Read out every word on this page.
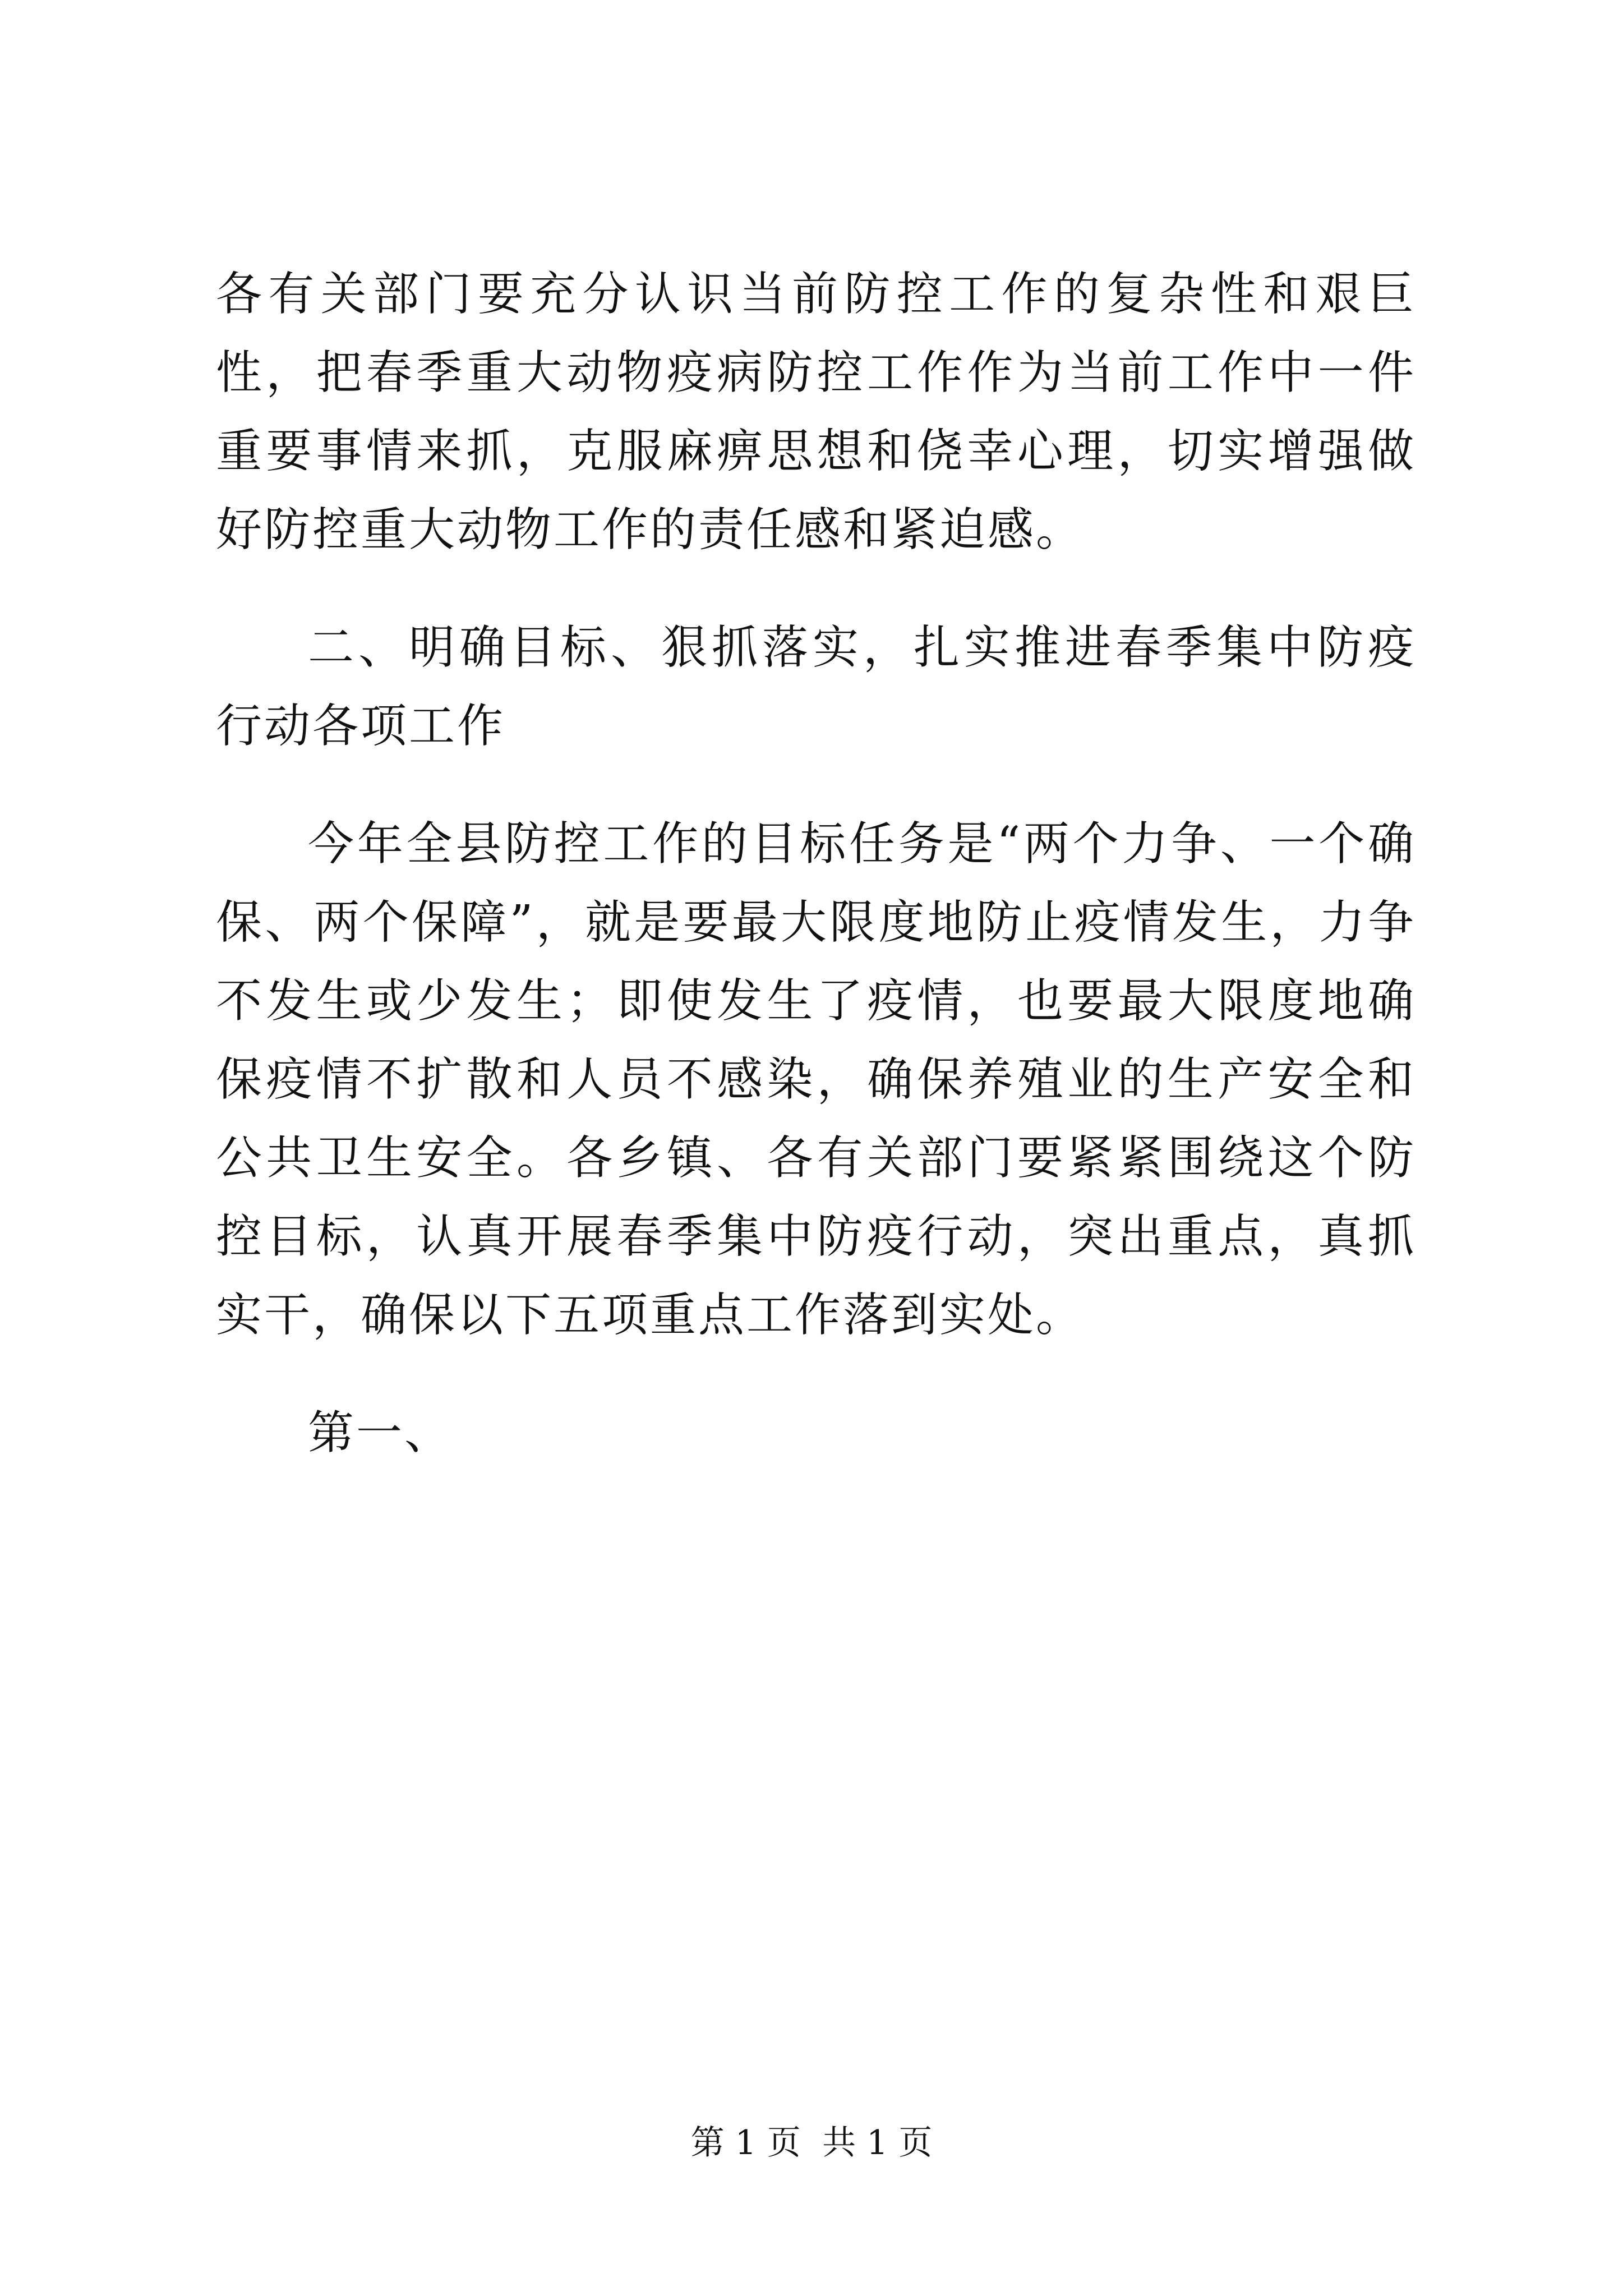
各有关部门要充分认识当前防控工作的复杂性和艰巨性，把春季重大动物疫病防控工作作为当前工作中一件重要事情来抓，克服麻痹思想和侥幸心理，切实增强做好防控重大动物工作的责任感和紧迫感。

二、明确目标、狠抓落实，扎实推进春季集中防疫行动各项工作

今年全县防控工作的目标任务是“两个力争、一个确保、两个保障”，就是要最大限度地防止疫情发生，力争不发生或少发生；即使发生了疫情，也要最大限度地确保疫情不扩散和人员不感染，确保养殖业的生产安全和公共卫生安全。各乡镇、各有关部门要紧紧围绕这个防控目标，认真开展春季集中防疫行动，突出重点，真抓实干，确保以下五项重点工作落到实处。

第一、

第 1 页  共 1 页
